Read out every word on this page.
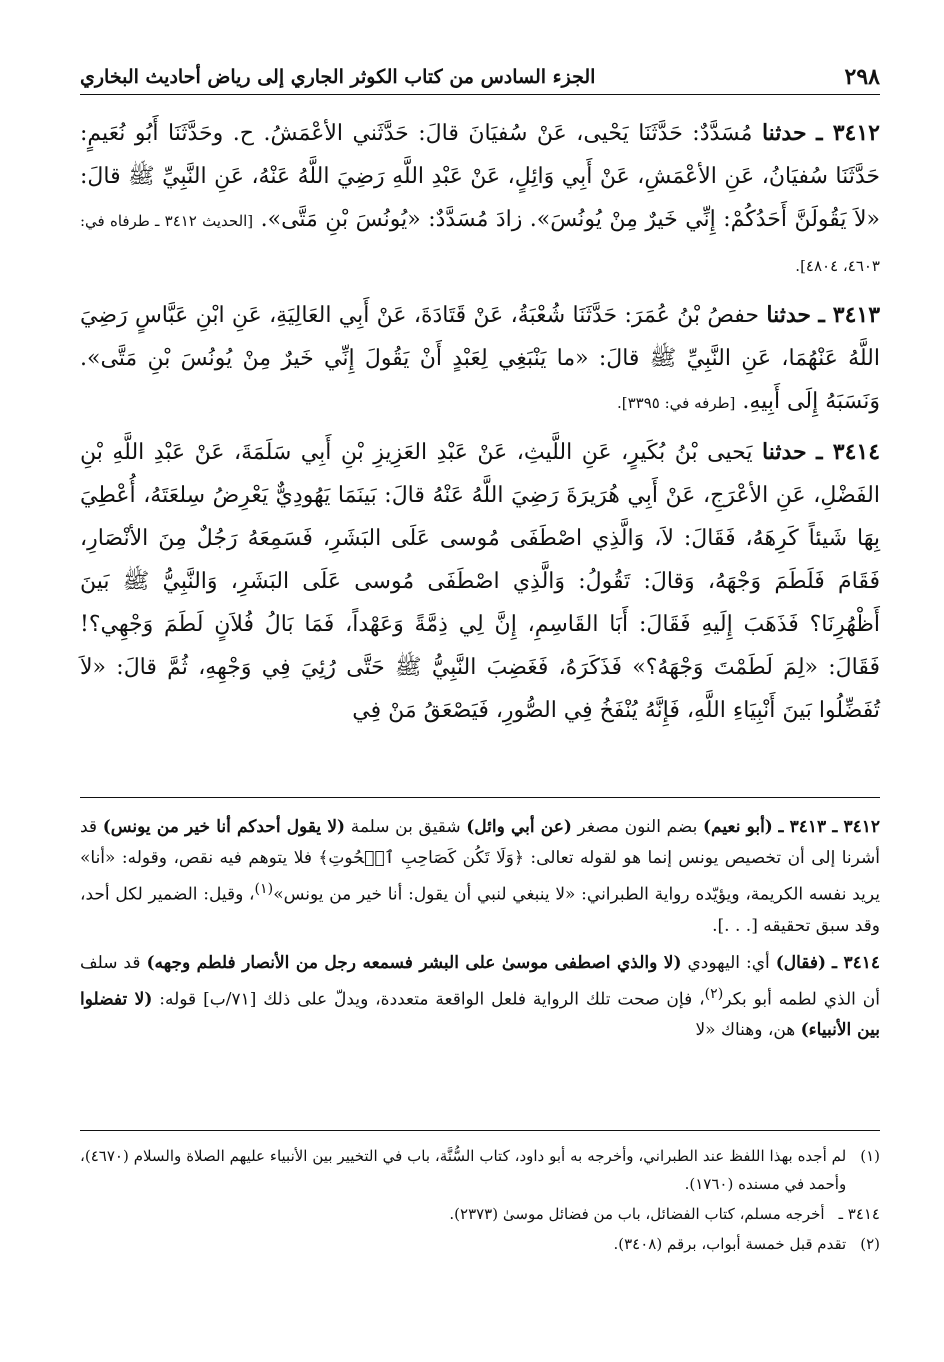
٢٩٨
الجزء السادس من كتاب الكوثر الجاري إلى رياض أحاديث البخاري

٣٤١٢ ـ حدثنا مُسَدَّدٌ: حَدَّثَنَا يَحْيى، عَنْ سُفيَانَ قالَ: حَدَّثَني الأعْمَشُ. ح. وحَدَّثَنَا أَبُو نُعَيمٍ: حَدَّثَنَا سُفيَانُ، عَنِ الأعْمَشِ، عَنْ أَبِي وَائِلٍ، عَنْ عَبْدِ اللَّهِ رَضِيَ اللَّهُ عَنْهُ، عَنِ النَّبِيِّ ﷺ قالَ: «لاَ يَقُولَنَّ أَحَدُكُمْ: إِنِّي خَيرٌ مِنْ يُونُسَ». زادَ مُسَدَّدٌ: «يُونُسَ بْنِ مَتَّى». [الحديث ٣٤١٢ ـ طرفاه في: ٤٦٠٣، ٤٨٠٤].

٣٤١٣ ـ حدثنا حفصُ بْنُ عُمَرَ: حَدَّثَنَا شُعْبَةُ، عَنْ قَتَادَةَ، عَنْ أَبِي العَالِيَةِ، عَنِ ابْنِ عَبَّاسٍ رَضِيَ اللَّهُ عَنْهُمَا، عَنِ النَّبِيِّ ﷺ قالَ: «ما يَنْبَغِي لِعَبْدٍ أَنْ يَقُولَ إِنِّي خَيرٌ مِنْ يُونُسَ بْنِ مَتَّى». وَنَسَبَهُ إِلَى أَبِيهِ. [طرفه في: ٣٣٩٥].

٣٤١٤ ـ حدثنا يَحيى بْنُ بُكَيرٍ، عَنِ اللَّيثِ، عَنْ عَبْدِ العَزِيزِ بْنِ أَبِي سَلَمَةَ، عَنْ عَبْدِ اللَّهِ بْنِ الفَضْلِ، عَنِ الأعْرَجِ، عَنْ أَبِي هُرَيرَةَ رَضِيَ اللَّهُ عَنْهُ قالَ: بَينَمَا يَهُودِيٌّ يَعْرِضُ سِلعَتَهُ، أُعْطِيَ بِهَا شَيئاً كَرِهَهُ، فَقَالَ: لاَ، وَالَّذِي اصْطَفَى مُوسى عَلَى البَشَرِ، فَسَمِعَهُ رَجُلٌ مِنَ الأنْصَارِ، فَقَامَ فَلَطَمَ وَجْهَهُ، وَقالَ: تَقُولُ: وَالَّذِي اصْطَفَى مُوسى عَلَى البَشَرِ، وَالنَّبِيُّ ﷺ بَينَ أَظْهُرِنَا؟ فَذَهَبَ إِلَيهِ فَقَالَ: أَبَا القَاسِمِ، إِنَّ لِي ذِمَّةً وَعَهْداً، فَمَا بَالُ فُلاَنٍ لَطَمَ وَجْهِي؟! فَقَالَ: «لِمَ لَطَمْتَ وَجْهَهُ؟» فَذَكَرَهُ، فَغَضِبَ النَّبِيُّ ﷺ حَتَّى رُئِيَ فِي وَجْهِهِ، ثُمَّ قالَ: «لاَ تُفَضِّلُوا بَينَ أَنْبِيَاءِ اللَّهِ، فَإِنَّهُ يُنْفَخُ فِي الصُّورِ، فَيَصْعَقُ مَنْ فِي

٣٤١٢ ـ ٣٤١٣ ـ (أبو نعيم) بضم النون مصغر (عن أبي وائل) شقيق بن سلمة (لا يقول أحدكم أنا خير من يونس) قد أشرنا إلى أن تخصيص يونس إنما هو لقوله تعالى: ﴿وَلَا تَكُن كَصَاحِبِ ٱلۡحُوتِ﴾ فلا يتوهم فيه نقص، وقوله: «أنا» يريد نفسه الكريمة، ويؤيّده رواية الطبراني: «لا ينبغي لنبي أن يقول: أنا خير من يونس»$^{(١)}$، وقيل: الضمير لكل أحد، وقد سبق تحقيقه [. . .].

٣٤١٤ ـ (فقال) أي: اليهودي (لا والذي اصطفى موسىٰ على البشر فسمعه رجل من الأنصار فلطم وجهه) قد سلف أن الذي لطمه أبو بكر$^{(٢)}$، فإن صحت تلك الرواية فلعل الواقعة متعددة، ويدلّ على ذلك [٧١/ب] قوله: (لا تفضلوا بين الأنبياء) هن، وهناك «لا

(١)
لم أجده بهذا اللفظ عند الطبراني، وأخرجه به أبو داود، كتاب السُّنَّة، باب في التخيير بين الأنبياء عليهم الصلاة والسلام (٤٦٧٠)، وأحمد في مسنده (١٧٦٠).
٣٤١٤ ـ
أخرجه مسلم، كتاب الفضائل، باب من فضائل موسىٰ (٢٣٧٣).
(٢)
تقدم قبل خمسة أبواب، برقم (٣٤٠٨).
